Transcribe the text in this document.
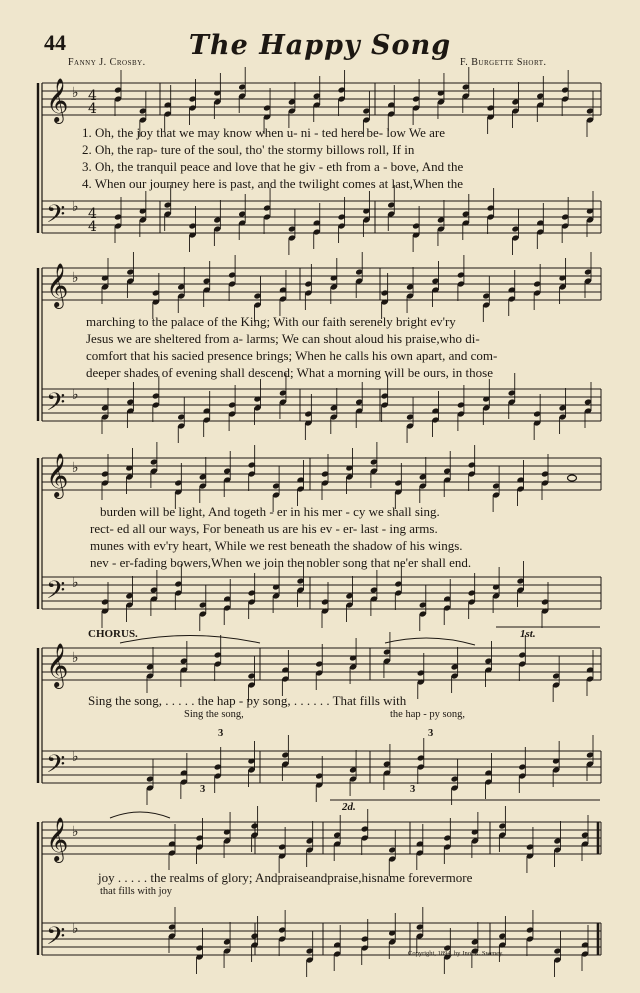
44	The Happy Song
Fanny J. Crosby.	F. Burgette Short.
𝄞
𝄢
♭
♭
4
4
4
4
𝄞
𝄢
♭
♭
𝄞
𝄢
♭
♭
𝄞
𝄢
♭
♭
𝄞
𝄢
♭
♭
1. Oh, the joy that we may know when u- ni - ted here be- low We are
2. Oh, the rap- ture of the soul, tho' the stormy billows roll, If in
3. Oh, the tranquil peace and love that he giv - eth from a - bove, And the
4. When our journey here is past, and the twilight comes at last,When the
marching to the palace of the King; With our faith serenely bright ev'ry
Jesus we are sheltered from a- larms; We can shout aloud his praise,who di-
comfort that his sacied presence brings; When he calls his own apart, and com-
deeper shades of evening shall descend; What a morning will be ours, in those
burden will be light, And togeth - er in his mer - cy we shall sing.
rect- ed all our ways, For beneath us are his ev - er- last - ing arms.
munes with ev'ry heart, While we rest beneath the shadow of his wings.
nev - er-fading bowers,When we join the nobler song that ne'er shall end.
CHORUS.	1st.
Sing the song, . . . . . the hap - py song, . . . . . . That fills with
Sing the song,	the hap - py song,
3
3
3
3
2d.
joy . . . . . the realms of glory; Andpraiseandpraise,hisname forevermore
that fills with joy
Copyright, 1894, by Jno. R. Sweney.
